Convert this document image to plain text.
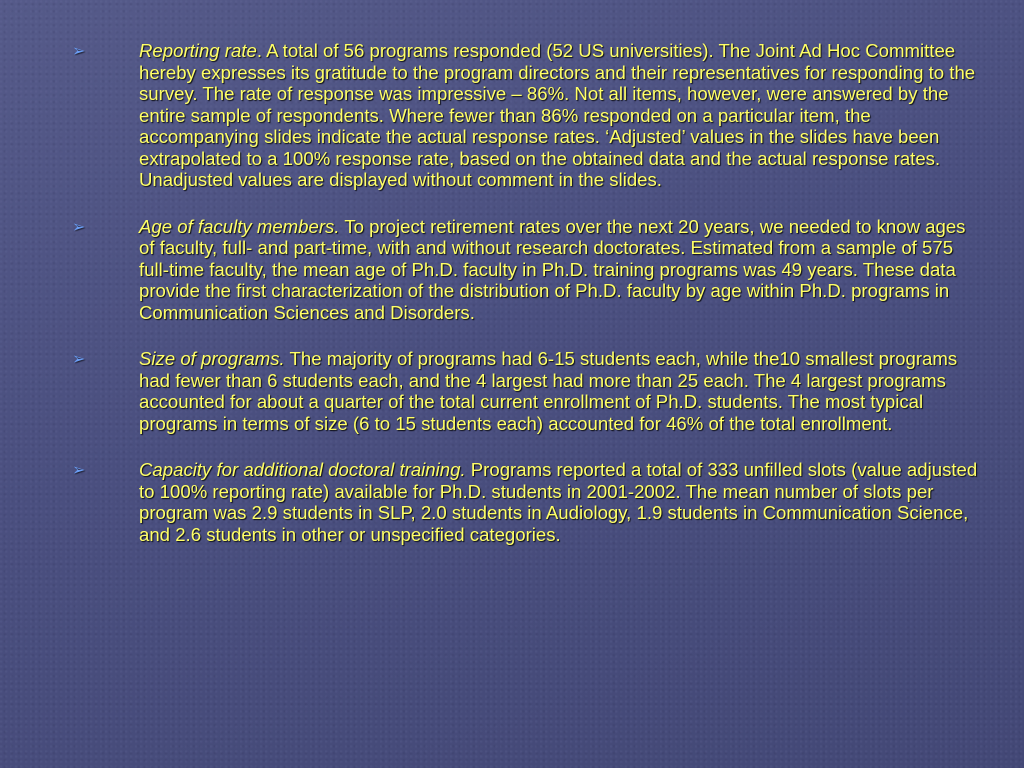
➢	Reporting rate. A total of 56 programs responded (52 US universities). The Joint Ad Hoc Committee hereby expresses its gratitude to the program directors and their representatives for responding to the survey. The rate of response was impressive – 86%. Not all items, however, were answered by the entire sample of respondents. Where fewer than 86% responded on a particular item, the accompanying slides indicate the actual response rates. ‘Adjusted’ values in the slides have been extrapolated to a 100% response rate, based on the obtained data and the actual response rates. Unadjusted values are displayed without comment in the slides.
➢	Age of faculty members. To project retirement rates over the next 20 years, we needed to know ages of faculty, full- and part-time, with and without research doctorates. Estimated from a sample of 575 full-time faculty, the mean age of Ph.D. faculty in Ph.D. training programs was 49 years. These data provide the first characterization of the distribution of Ph.D. faculty by age within Ph.D. programs in Communication Sciences and Disorders.
➢	Size of programs. The majority of programs had 6-15 students each, while the10 smallest programs had fewer than 6 students each, and the 4 largest had more than 25 each. The 4 largest programs accounted for about a quarter of the total current enrollment of Ph.D. students. The most typical programs in terms of size (6 to 15 students each) accounted for 46% of the total enrollment.
➢	Capacity for additional doctoral training. Programs reported a total of 333 unfilled slots (value adjusted to 100% reporting rate) available for Ph.D. students in 2001-2002. The mean number of slots per program was 2.9 students in SLP, 2.0 students in Audiology, 1.9 students in Communication Science, and 2.6 students in other or unspecified categories.
